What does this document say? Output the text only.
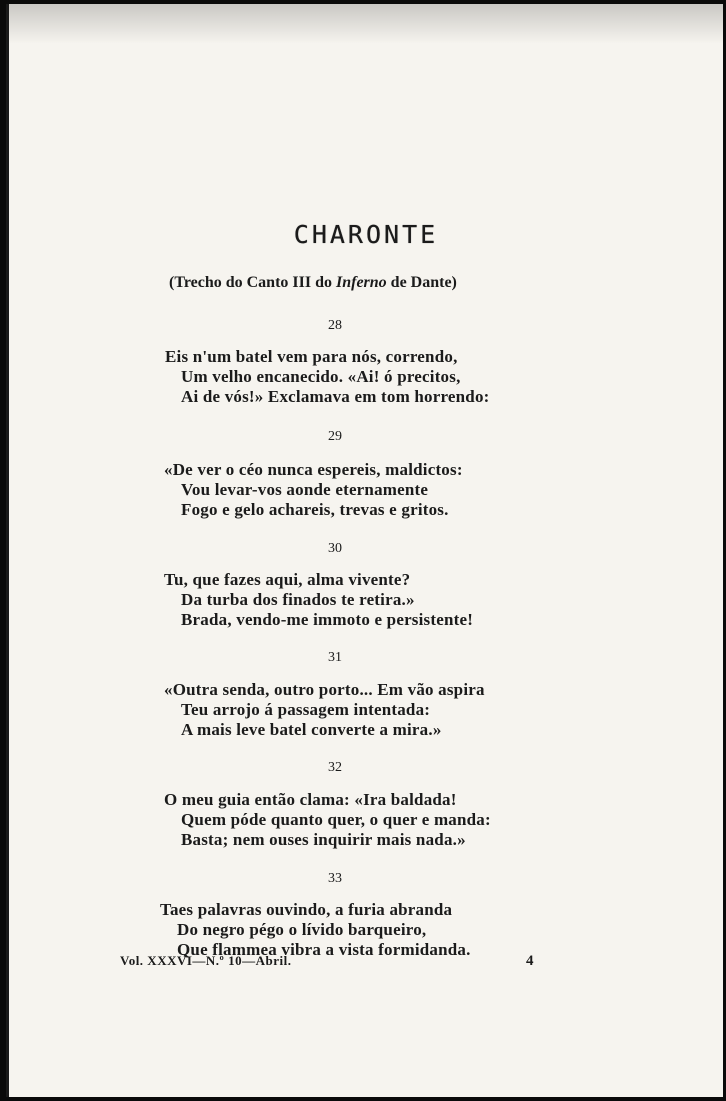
CHARONTE
(Trecho do Canto III do Inferno de Dante)
28
Eis n'um batel vem para nós, correndo,
Um velho encanecido. «Ai! ó precitos,
Ai de vós!» Exclamava em tom horrendo:
29
«De ver o céo nunca espereis, maldictos:
Vou levar-vos aonde eternamente
Fogo e gelo achareis, trevas e gritos.
30
Tu, que fazes aqui, alma vivente?
Da turba dos finados te retira.»
Brada, vendo-me immoto e persistente!
31
«Outra senda, outro porto... Em vão aspira
Teu arrojo á passagem intentada:
A mais leve batel converte a mira.»
32
O meu guia então clama: «Ira baldada!
Quem póde quanto quer, o quer e manda:
Basta; nem ouses inquirir mais nada.»
33
Taes palavras ouvindo, a furia abranda
Do negro pégo o lívido barqueiro,
Que flammea vibra a vista formidanda.
Vol. XXXVI—N.º 10—Abril.	4
